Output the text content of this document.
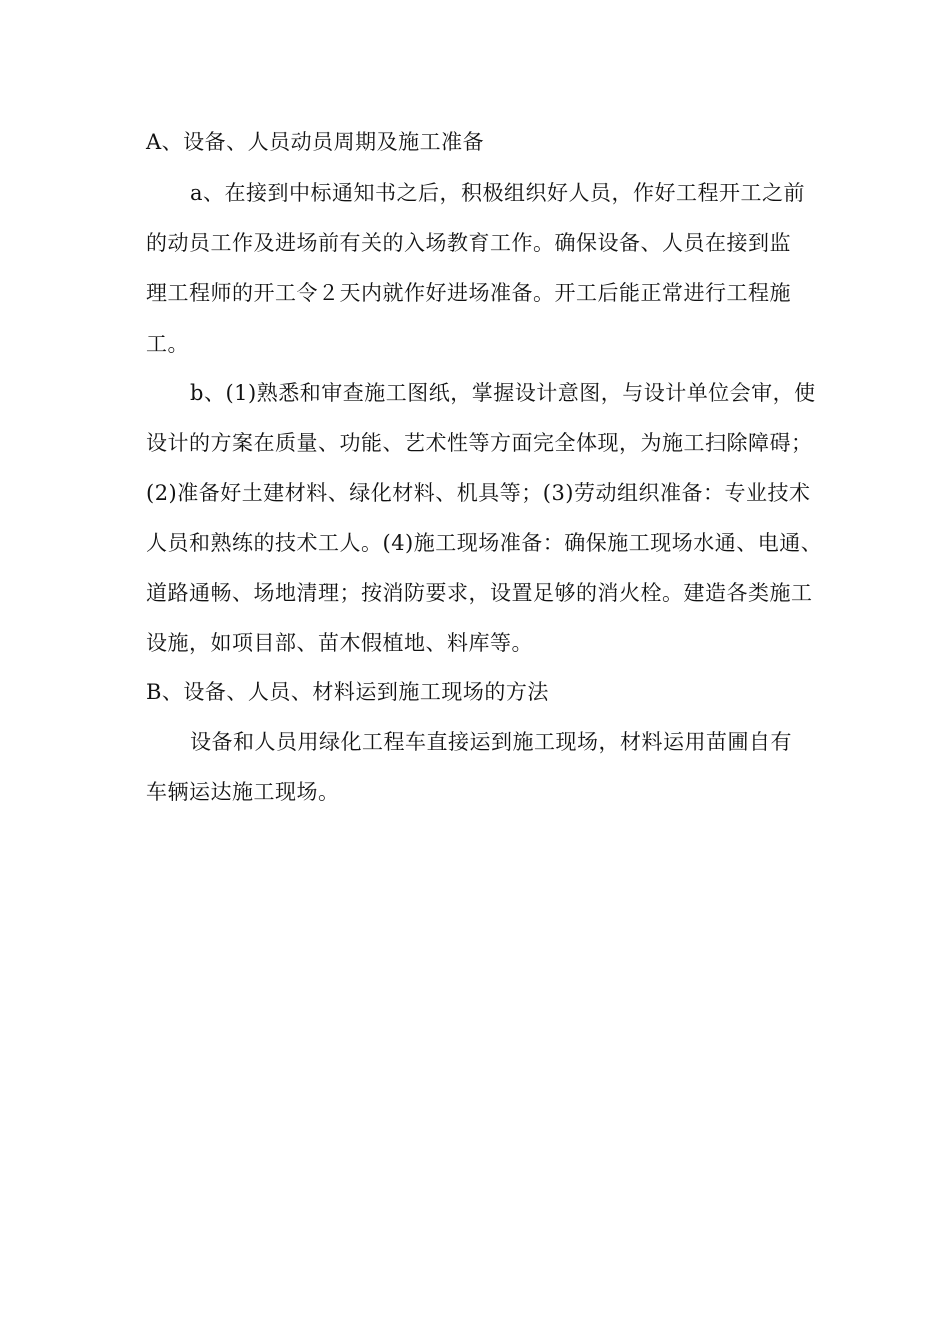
A、设备、人员动员周期及施工准备
a、在接到中标通知书之后，积极组织好人员，作好工程开工之前
的动员工作及进场前有关的入场教育工作。确保设备、人员在接到监
理工程师的开工令２天内就作好进场准备。开工后能正常进行工程施
工。
b、(1)熟悉和审查施工图纸，掌握设计意图，与设计单位会审，使
设计的方案在质量、功能、艺术性等方面完全体现，为施工扫除障碍；
(2)准备好土建材料、绿化材料、机具等；(3)劳动组织准备：专业技术
人员和熟练的技术工人。(4)施工现场准备：确保施工现场水通、电通、
道路通畅、场地清理；按消防要求，设置足够的消火栓。建造各类施工
设施，如项目部、苗木假植地、料库等。
B、设备、人员、材料运到施工现场的方法
设备和人员用绿化工程车直接运到施工现场，材料运用苗圃自有
车辆运达施工现场。
